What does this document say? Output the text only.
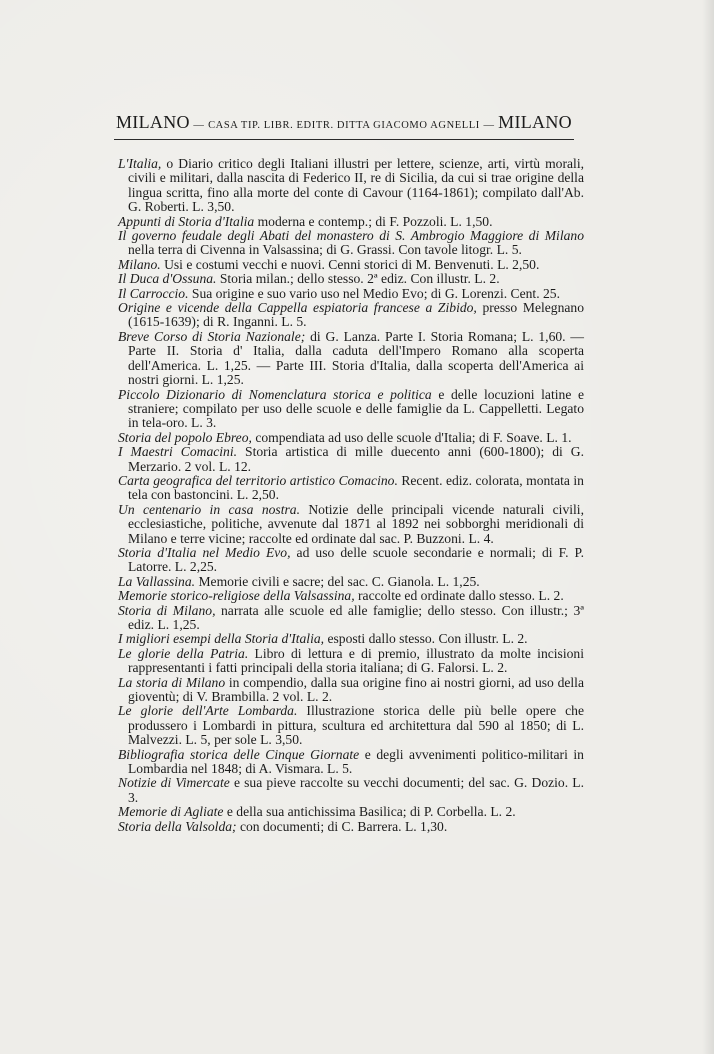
MILANO — CASA TIP. LIBR. EDITR. DITTA GIACOMO AGNELLI — MILANO

L'Italia, o Diario critico degli Italiani illustri per lettere, scienze, arti, virtù morali, civili e militari, dalla nascita di Federico II, re di Sicilia, da cui si trae origine della lingua scritta, fino alla morte del conte di Cavour (1164-1861); compilato dall'Ab. G. Roberti. L. 3,50.

Appunti di Storia d'Italia moderna e contemp.; di F. Pozzoli. L. 1,50.

Il governo feudale degli Abati del monastero di S. Ambrogio Maggiore di Milano nella terra di Civenna in Valsassina; di G. Grassi. Con tavole litogr. L. 5.

Milano. Usi e costumi vecchi e nuovi. Cenni storici di M. Benvenuti. L. 2,50.

Il Duca d'Ossuna. Storia milan.; dello stesso. 2ª ediz. Con illustr. L. 2.

Il Carroccio. Sua origine e suo vario uso nel Medio Evo; di G. Lorenzi. Cent. 25.

Origine e vicende della Cappella espiatoria francese a Zibido, presso Melegnano (1615-1639); di R. Inganni. L. 5.

Breve Corso di Storia Nazionale; di G. Lanza. Parte I. Storia Romana; L. 1,60. — Parte II. Storia d' Italia, dalla caduta dell'Impero Romano alla scoperta dell'America. L. 1,25. — Parte III. Storia d'Italia, dalla scoperta dell'America ai nostri giorni. L. 1,25.

Piccolo Dizionario di Nomenclatura storica e politica e delle locuzioni latine e straniere; compilato per uso delle scuole e delle famiglie da L. Cappelletti. Legato in tela-oro. L. 3.

Storia del popolo Ebreo, compendiata ad uso delle scuole d'Italia; di F. Soave. L. 1.

I Maestri Comacini. Storia artistica di mille duecento anni (600-1800); di G. Merzario. 2 vol. L. 12.

Carta geografica del territorio artistico Comacino. Recent. ediz. colorata, montata in tela con bastoncini. L. 2,50.

Un centenario in casa nostra. Notizie delle principali vicende naturali civili, ecclesiastiche, politiche, avvenute dal 1871 al 1892 nei sobborghi meridionali di Milano e terre vicine; raccolte ed ordinate dal sac. P. Buzzoni. L. 4.

Storia d'Italia nel Medio Evo, ad uso delle scuole secondarie e normali; di F. P. Latorre. L. 2,25.

La Vallassina. Memorie civili e sacre; del sac. C. Gianola. L. 1,25.

Memorie storico-religiose della Valsassina, raccolte ed ordinate dallo stesso. L. 2.

Storia di Milano, narrata alle scuole ed alle famiglie; dello stesso. Con illustr.; 3ª ediz. L. 1,25.

I migliori esempi della Storia d'Italia, esposti dallo stesso. Con illustr. L. 2.

Le glorie della Patria. Libro di lettura e di premio, illustrato da molte incisioni rappresentanti i fatti principali della storia italiana; di G. Falorsi. L. 2.

La storia di Milano in compendio, dalla sua origine fino ai nostri giorni, ad uso della gioventù; di V. Brambilla. 2 vol. L. 2.

Le glorie dell'Arte Lombarda. Illustrazione storica delle più belle opere che produssero i Lombardi in pittura, scultura ed architettura dal 590 al 1850; di L. Malvezzi. L. 5, per sole L. 3,50.

Bibliografia storica delle Cinque Giornate e degli avvenimenti politico-militari in Lombardia nel 1848; di A. Vismara. L. 5.

Notizie di Vimercate e sua pieve raccolte su vecchi documenti; del sac. G. Dozio. L. 3.

Memorie di Agliate e della sua antichissima Basilica; di P. Corbella. L. 2.

Storia della Valsolda; con documenti; di C. Barrera. L. 1,30.
